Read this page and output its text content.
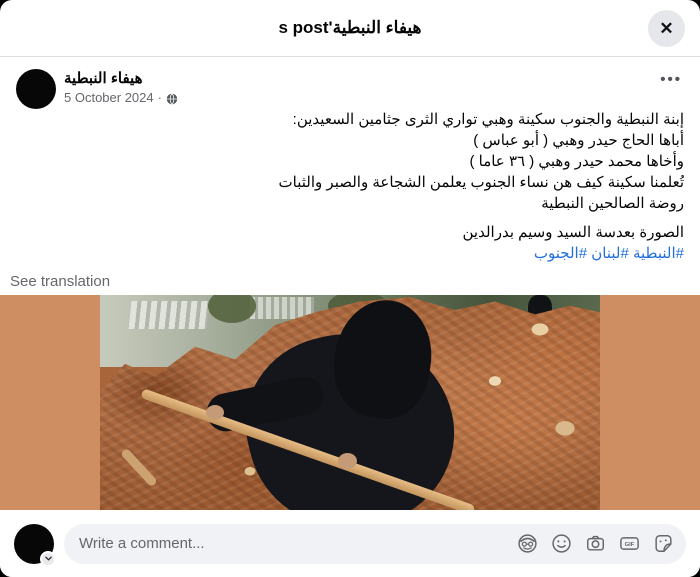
هيفاء النبطية's post	✕
هيفاء النبطية
5 October 2024 ·
•••
إبنة النبطية والجنوب سكينة وهبي تواري الثرى جثامين السعيدين:
أباها الحاج حيدر وهبي ( أبو عباس )
وأخاها محمد حيدر وهبي ( ٣٦ عاما )
تُعلمنا سكينة كيف هن نساء الجنوب يعلمن الشجاعة والصبر والثبات
روضة الصالحين النبطية
الصورة بعدسة السيد وسيم بدرالدين
#النبطية #لبنان #الجنوب
See translation
Write a comment...	GIF
